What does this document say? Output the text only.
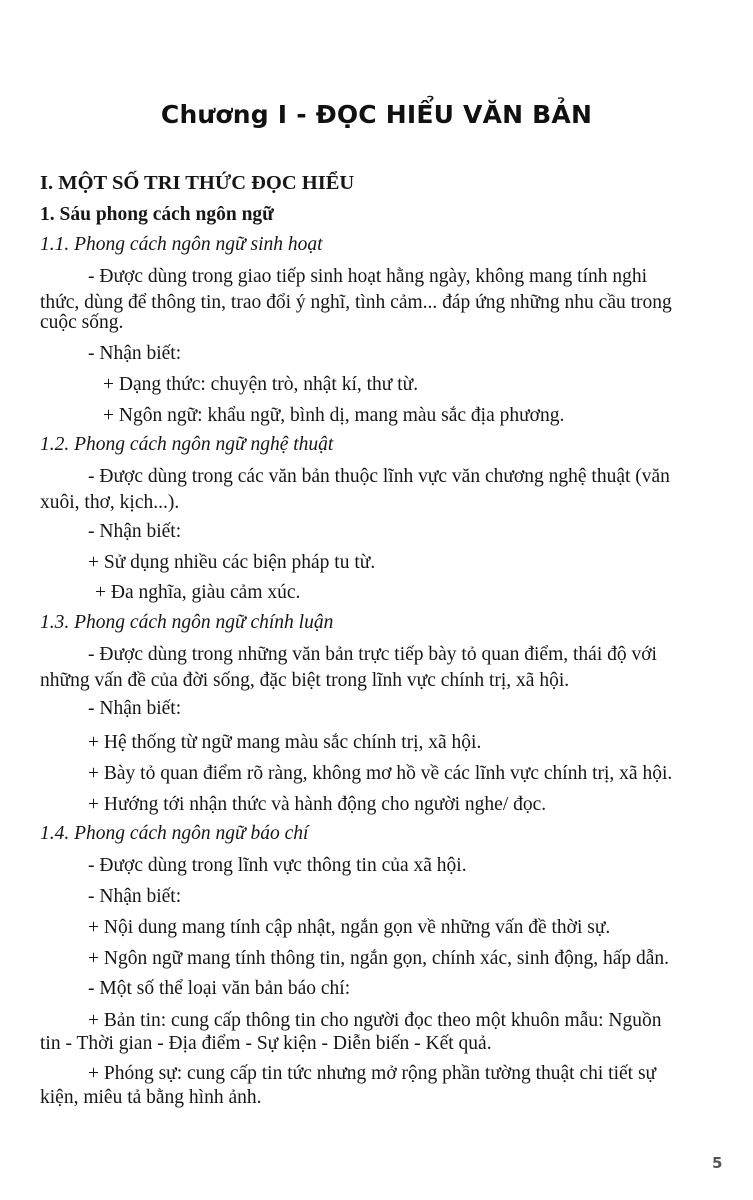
Chương I - ĐỌC HIỂU VĂN BẢN
I. MỘT SỐ TRI THỨC ĐỌC HIỂU
1. Sáu phong cách ngôn ngữ
1.1. Phong cách ngôn ngữ sinh hoạt
- Được dùng trong giao tiếp sinh hoạt hằng ngày, không mang tính nghi
thức, dùng để thông tin, trao đổi ý nghĩ, tình cảm... đáp ứng những nhu cầu trong
cuộc sống.
- Nhận biết:
+ Dạng thức: chuyện trò, nhật kí, thư từ.
+ Ngôn ngữ: khẩu ngữ, bình dị, mang màu sắc địa phương.
1.2. Phong cách ngôn ngữ nghệ thuật
- Được dùng trong các văn bản thuộc lĩnh vực văn chương nghệ thuật (văn
xuôi, thơ, kịch...).
- Nhận biết:
+ Sử dụng nhiều các biện pháp tu từ.
+ Đa nghĩa, giàu cảm xúc.
1.3. Phong cách ngôn ngữ chính luận
- Được dùng trong những văn bản trực tiếp bày tỏ quan điểm, thái độ với
những vấn đề của đời sống, đặc biệt trong lĩnh vực chính trị, xã hội.
- Nhận biết:
+ Hệ thống từ ngữ mang màu sắc chính trị, xã hội.
+ Bày tỏ quan điểm rõ ràng, không mơ hồ về các lĩnh vực chính trị, xã hội.
+ Hướng tới nhận thức và hành động cho người nghe/ đọc.
1.4. Phong cách ngôn ngữ báo chí
- Được dùng trong lĩnh vực thông tin của xã hội.
- Nhận biết:
+ Nội dung mang tính cập nhật, ngắn gọn về những vấn đề thời sự.
+ Ngôn ngữ mang tính thông tin, ngắn gọn, chính xác, sinh động, hấp dẫn.
- Một số thể loại văn bản báo chí:
+ Bản tin: cung cấp thông tin cho người đọc theo một khuôn mẫu: Nguồn
tin - Thời gian - Địa điểm - Sự kiện - Diễn biến - Kết quả.
+ Phóng sự: cung cấp tin tức nhưng mở rộng phần tường thuật chi tiết sự
kiện, miêu tả bằng hình ảnh.
5
